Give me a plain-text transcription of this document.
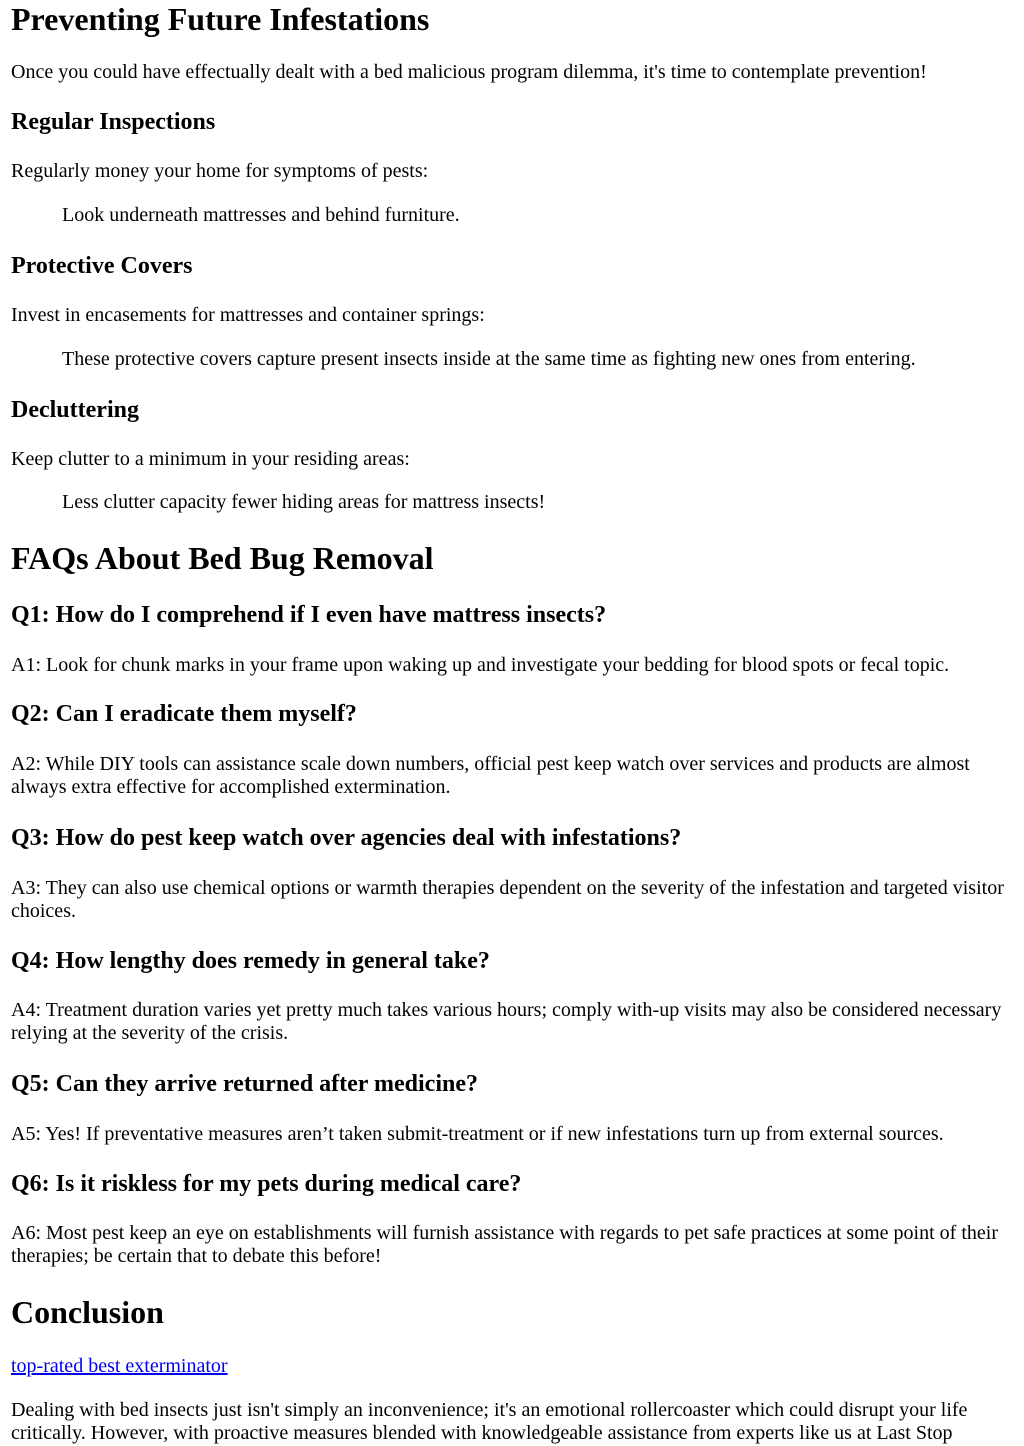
Preventing Future Infestations

Once you could have effectually dealt with a bed malicious program dilemma, it's time to contemplate prevention!

Regular Inspections

Regularly money your home for symptoms of pests:

Look underneath mattresses and behind furniture.

Protective Covers

Invest in encasements for mattresses and container springs:

These protective covers capture present insects inside at the same time as fighting new ones from entering.

Decluttering

Keep clutter to a minimum in your residing areas:

Less clutter capacity fewer hiding areas for mattress insects!

FAQs About Bed Bug Removal
Q1: How do I comprehend if I even have mattress insects?

A1: Look for chunk marks in your frame upon waking up and investigate your bedding for blood spots or fecal topic.

Q2: Can I eradicate them myself?

A2: While DIY tools can assistance scale down numbers, official pest keep watch over services and products are almost always extra effective for accomplished extermination.

Q3: How do pest keep watch over agencies deal with infestations?

A3: They can also use chemical options or warmth therapies dependent on the severity of the infestation and targeted visitor choices.

Q4: How lengthy does remedy in general take?

A4: Treatment duration varies yet pretty much takes various hours; comply with-up visits may also be considered necessary relying at the severity of the crisis.

Q5: Can they arrive returned after medicine?

A5: Yes! If preventative measures aren’t taken submit-treatment or if new infestations turn up from external sources.

Q6: Is it riskless for my pets during medical care?

A6: Most pest keep an eye on establishments will furnish assistance with regards to pet safe practices at some point of their therapies; be certain that to debate this before!

Conclusion
top-rated best exterminator

Dealing with bed insects just isn't simply an inconvenience; it's an emotional rollercoaster which could disrupt your life critically. However, with proactive measures blended with knowledgeable assistance from experts like us at Last Stop
